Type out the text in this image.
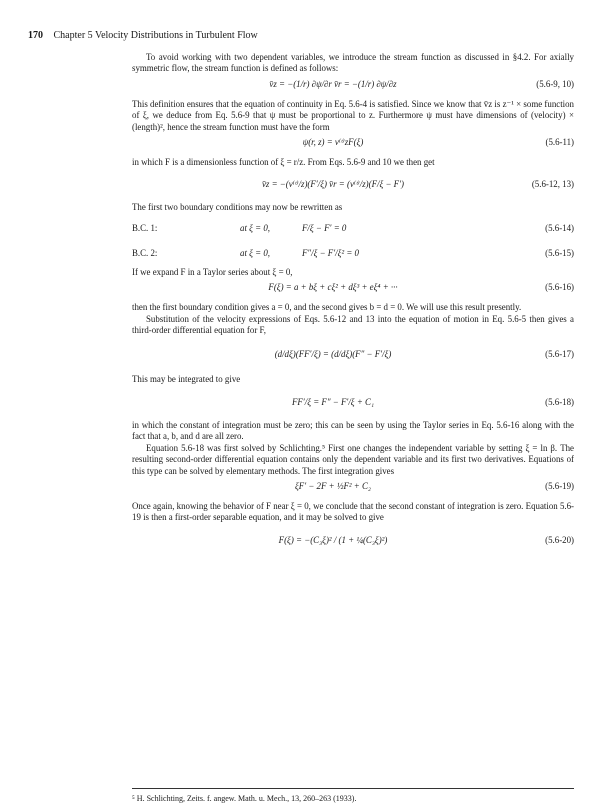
170 Chapter 5 Velocity Distributions in Turbulent Flow

To avoid working with two dependent variables, we introduce the stream function as discussed in §4.2. For axially symmetric flow, the stream function is defined as follows:

v̄z = −(1/r) ∂ψ/∂r v̄r = −(1/r) ∂ψ/∂z	(5.6-9, 10)

This definition ensures that the equation of continuity in Eq. 5.6-4 is satisfied. Since we know that v̄z is z⁻¹ × some function of ξ, we deduce from Eq. 5.6-9 that ψ must be proportional to z. Furthermore ψ must have dimensions of (velocity) × (length)², hence the stream function must have the form

ψ(r, z) = ν⁽ᵗ⁾zF(ξ)	(5.6-11)

in which F is a dimensionless function of ξ = r/z. From Eqs. 5.6-9 and 10 we then get

v̄z = −(ν⁽ᵗ⁾/z)(F′/ξ) v̄r = (ν⁽ᵗ⁾/z)(F/ξ − F′)	(5.6-12, 13)

The first two boundary conditions may now be rewritten as

B.C. 1:	at ξ = 0,	F/ξ − F′ = 0	(5.6-14)
B.C. 2:	at ξ = 0,	F″/ξ − F′/ξ² = 0	(5.6-15)

If we expand F in a Taylor series about ξ = 0,

F(ξ) = a + bξ + cξ² + dξ³ + eξ⁴ + ···	(5.6-16)

then the first boundary condition gives a = 0, and the second gives b = d = 0. We will use this result presently.

Substitution of the velocity expressions of Eqs. 5.6-12 and 13 into the equation of motion in Eq. 5.6-5 then gives a third-order differential equation for F,

(d/dξ)(FF′/ξ) = (d/dξ)(F″ − F′/ξ)	(5.6-17)

This may be integrated to give

FF′/ξ = F″ − F′/ξ + C₁	(5.6-18)

in which the constant of integration must be zero; this can be seen by using the Taylor series in Eq. 5.6-16 along with the fact that a, b, and d are all zero.

Equation 5.6-18 was first solved by Schlichting.⁵ First one changes the independent variable by setting ξ = ln β. The resulting second-order differential equation contains only the dependent variable and its first two derivatives. Equations of this type can be solved by elementary methods. The first integration gives

ξF′ − 2F + ½F² + C₂	(5.6-19)

Once again, knowing the behavior of F near ξ = 0, we conclude that the second constant of integration is zero. Equation 5.6-19 is then a first-order separable equation, and it may be solved to give

F(ξ) = −(C₃ξ)² / (1 + ¼(C₃ξ)²)	(5.6-20)
⁵ H. Schlichting, Zeits. f. angew. Math. u. Mech., 13, 260–263 (1933).
